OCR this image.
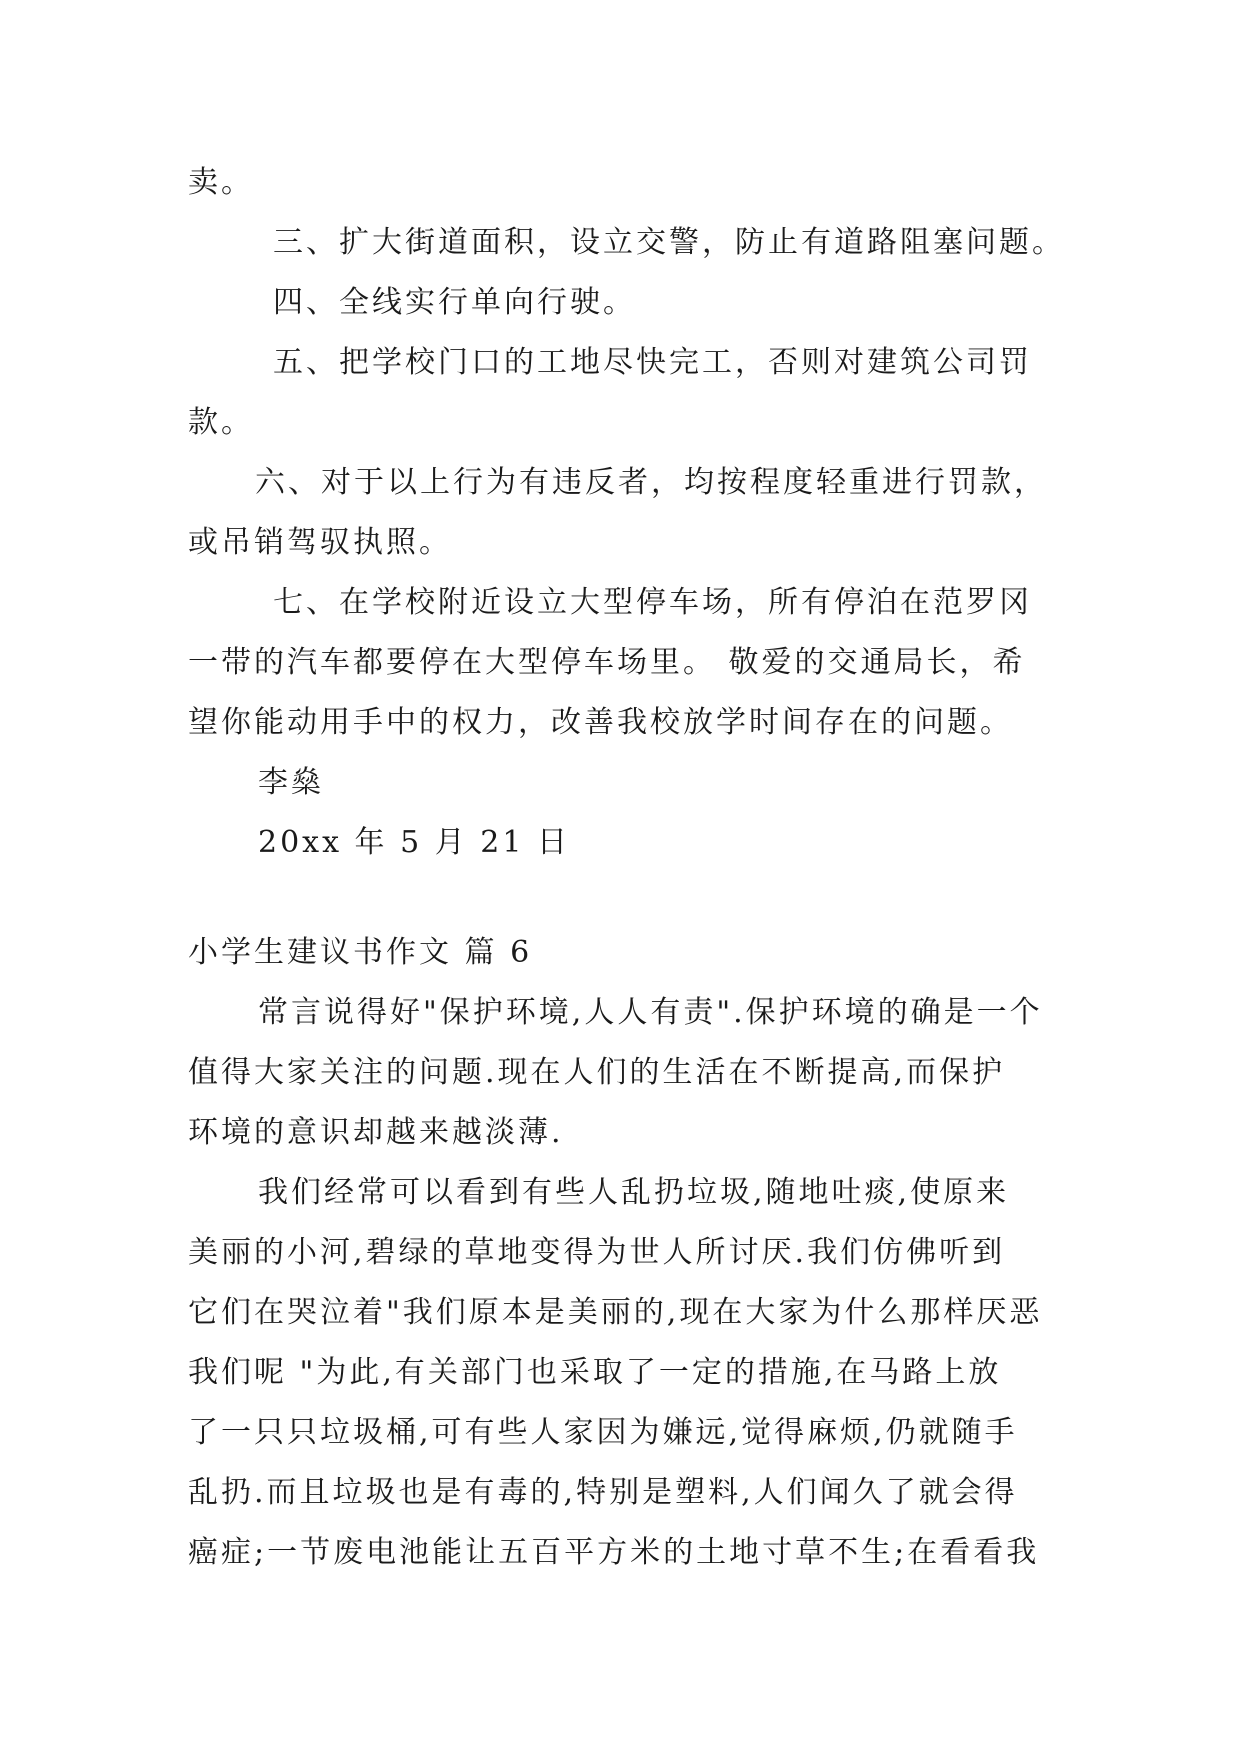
卖。

三、扩大街道面积，设立交警，防止有道路阻塞问题。

四、全线实行单向行驶。

五、把学校门口的工地尽快完工，否则对建筑公司罚

款。

六、对于以上行为有违反者，均按程度轻重进行罚款，

或吊销驾驭执照。

七、在学校附近设立大型停车场，所有停泊在范罗冈

一带的汽车都要停在大型停车场里。 敬爱的交通局长，希

望你能动用手中的权力，改善我校放学时间存在的问题。

李燊

20xx 年 5 月 21 日

小学生建议书作文 篇 6

常言说得好"保护环境,人人有责".保护环境的确是一个

值得大家关注的问题.现在人们的生活在不断提高,而保护

环境的意识却越来越淡薄.

我们经常可以看到有些人乱扔垃圾,随地吐痰,使原来

美丽的小河,碧绿的草地变得为世人所讨厌.我们仿佛听到

它们在哭泣着"我们原本是美丽的,现在大家为什么那样厌恶

我们呢 "为此,有关部门也采取了一定的措施,在马路上放

了一只只垃圾桶,可有些人家因为嫌远,觉得麻烦,仍就随手

乱扔.而且垃圾也是有毒的,特别是塑料,人们闻久了就会得

癌症;一节废电池能让五百平方米的土地寸草不生;在看看我
